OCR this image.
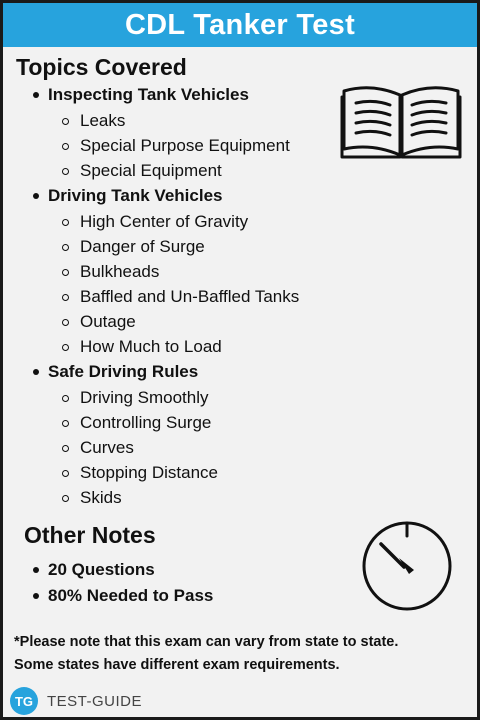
CDL Tanker Test
Topics Covered
Inspecting Tank Vehicles
Leaks
Special Purpose Equipment
Special Equipment
Driving Tank Vehicles
High Center of Gravity
Danger of Surge
Bulkheads
Baffled and Un-Baffled Tanks
Outage
How Much to Load
Safe Driving Rules
Driving Smoothly
Controlling Surge
Curves
Stopping Distance
Skids
Other Notes
20 Questions
80% Needed to Pass
*Please note that this exam can vary from state to state.
Some states have different exam requirements.
TG TEST-GUIDE
